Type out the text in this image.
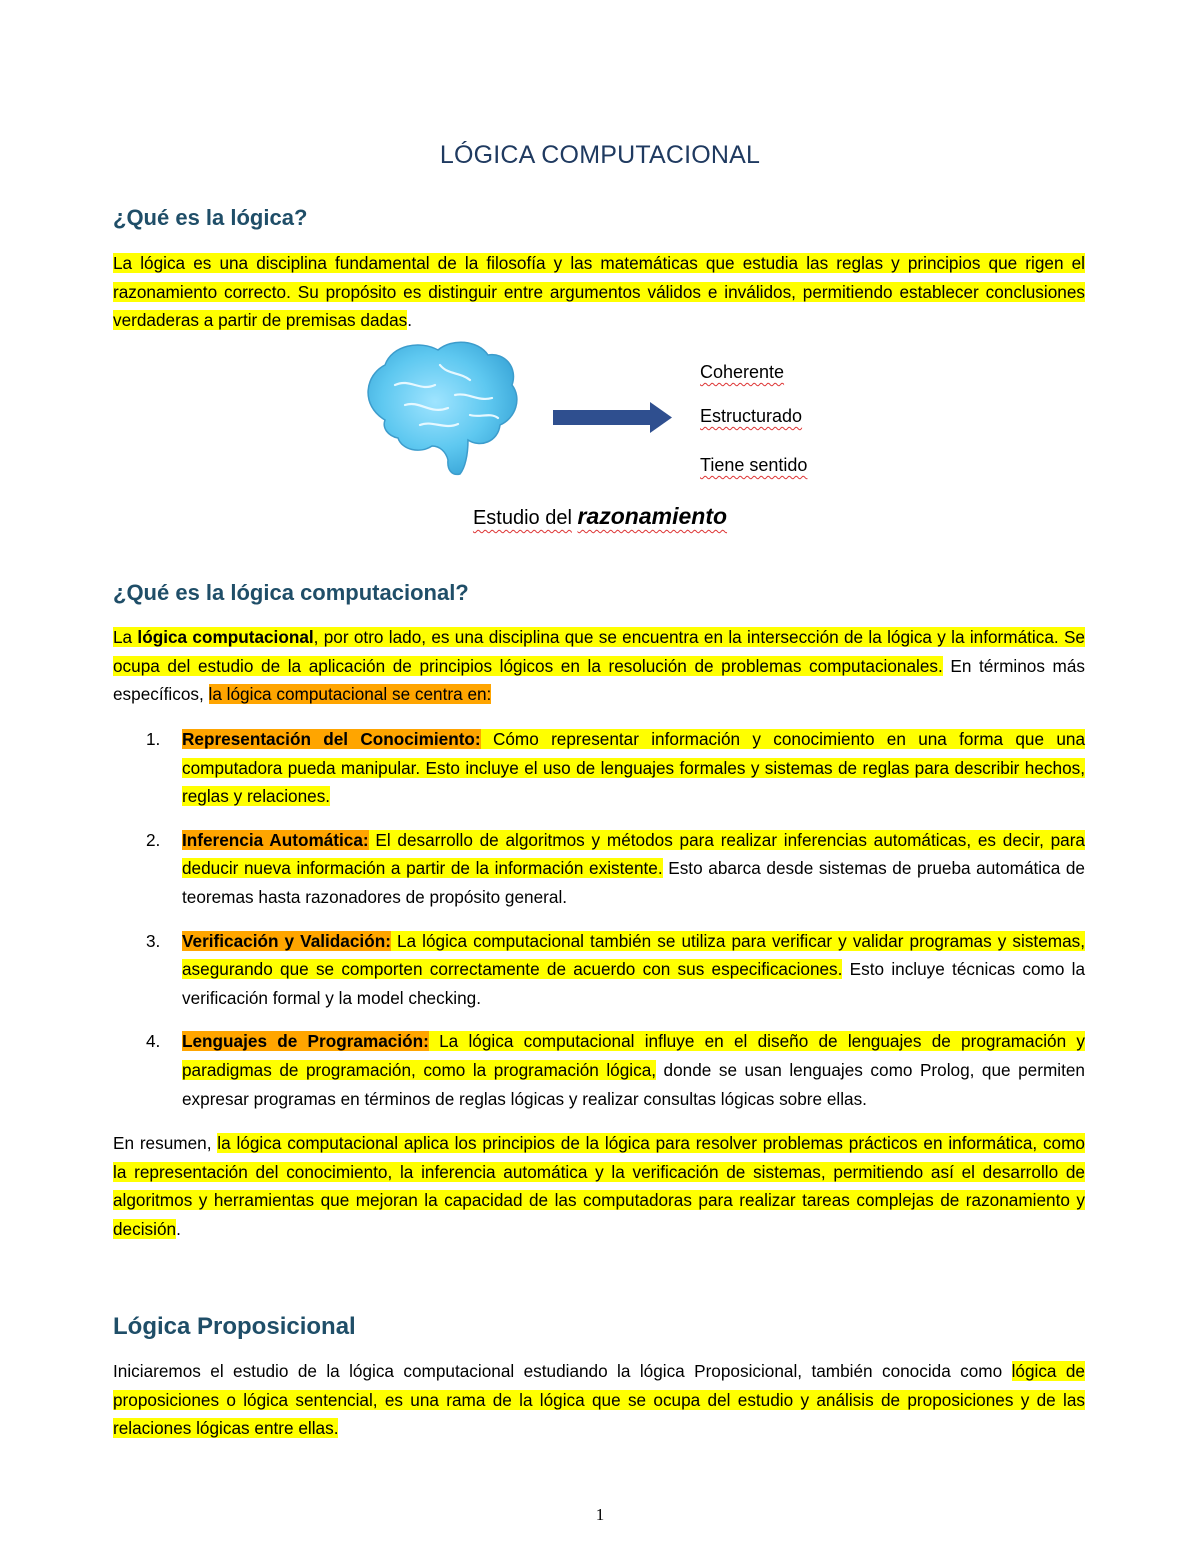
LÓGICA COMPUTACIONAL
¿Qué es la lógica?
La lógica es una disciplina fundamental de la filosofía y las matemáticas que estudia las reglas y principios que rigen el razonamiento correcto. Su propósito es distinguir entre argumentos válidos e inválidos, permitiendo establecer conclusiones verdaderas a partir de premisas dadas.
Coherente
Estructurado
Tiene sentido
Estudio del razonamiento
¿Qué es la lógica computacional?
La lógica computacional, por otro lado, es una disciplina que se encuentra en la intersección de la lógica y la informática. Se ocupa del estudio de la aplicación de principios lógicos en la resolución de problemas computacionales. En términos más específicos, la lógica computacional se centra en:
1. Representación del Conocimiento: Cómo representar información y conocimiento en una forma que una computadora pueda manipular. Esto incluye el uso de lenguajes formales y sistemas de reglas para describir hechos, reglas y relaciones.
2. Inferencia Automática: El desarrollo de algoritmos y métodos para realizar inferencias automáticas, es decir, para deducir nueva información a partir de la información existente. Esto abarca desde sistemas de prueba automática de teoremas hasta razonadores de propósito general.
3. Verificación y Validación: La lógica computacional también se utiliza para verificar y validar programas y sistemas, asegurando que se comporten correctamente de acuerdo con sus especificaciones. Esto incluye técnicas como la verificación formal y la model checking.
4. Lenguajes de Programación: La lógica computacional influye en el diseño de lenguajes de programación y paradigmas de programación, como la programación lógica, donde se usan lenguajes como Prolog, que permiten expresar programas en términos de reglas lógicas y realizar consultas lógicas sobre ellas.
En resumen, la lógica computacional aplica los principios de la lógica para resolver problemas prácticos en informática, como la representación del conocimiento, la inferencia automática y la verificación de sistemas, permitiendo así el desarrollo de algoritmos y herramientas que mejoran la capacidad de las computadoras para realizar tareas complejas de razonamiento y decisión.
Lógica Proposicional
Iniciaremos el estudio de la lógica computacional estudiando la lógica Proposicional, también conocida como lógica de proposiciones o lógica sentencial, es una rama de la lógica que se ocupa del estudio y análisis de proposiciones y de las relaciones lógicas entre ellas.
1
